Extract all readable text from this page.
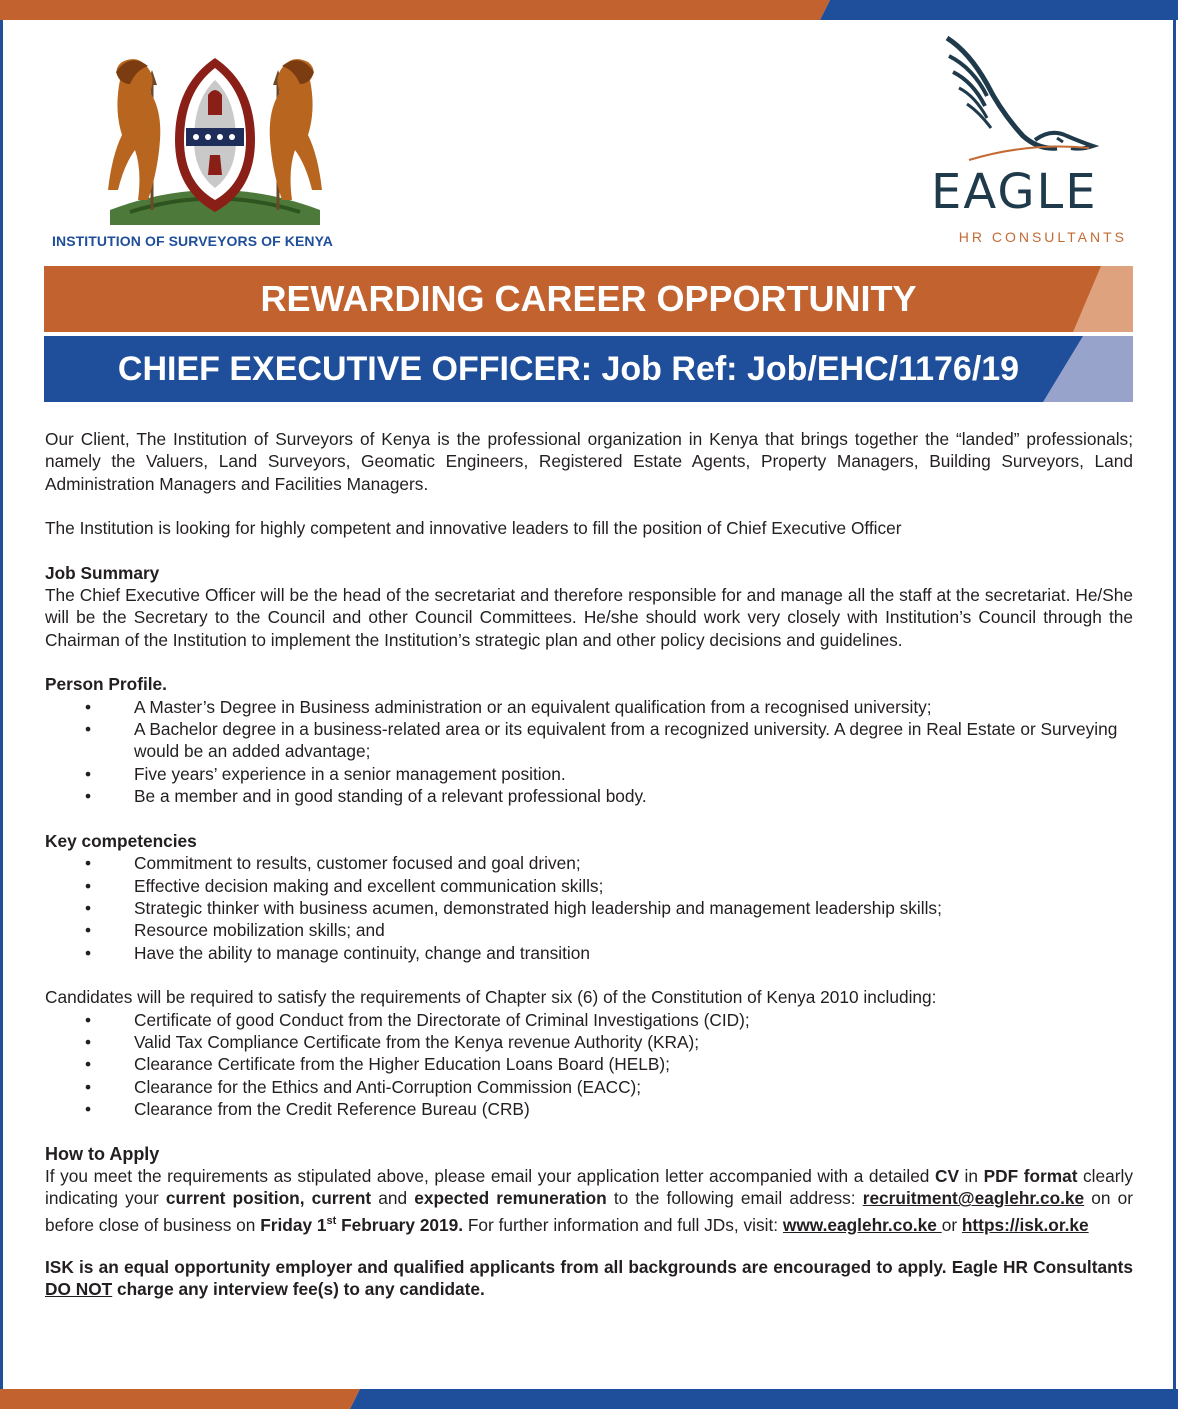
INSTITUTION OF SURVEYORS OF KENYA
EAGLE
HR CONSULTANTS
REWARDING CAREER OPPORTUNITY
CHIEF EXECUTIVE OFFICER: Job Ref: Job/EHC/1176/19

Our Client, The Institution of Surveyors of Kenya is the professional organization in Kenya that brings together the “landed” professionals; namely the Valuers, Land Surveyors, Geomatic Engineers, Registered Estate Agents, Property Managers, Building Surveyors, Land Administration Managers and Facilities Managers.

The Institution is looking for highly competent and innovative leaders to fill the position of Chief Executive Officer

Job Summary

The Chief Executive Officer will be the head of the secretariat and therefore responsible for and manage all the staff at the secretariat. He/She will be the Secretary to the Council and other Council Committees. He/she should work very closely with Institution’s Council through the Chairman of the Institution to implement the Institution’s strategic plan and other policy decisions and guidelines.

Person Profile.
• A Master’s Degree in Business administration or an equivalent qualification from a recognised university;
• A Bachelor degree in a business-related area or its equivalent from a recognized university. A degree in Real Estate or Surveying would be an added advantage;
• Five years’ experience in a senior management position.
• Be a member and in good standing of a relevant professional body.
Key competencies
• Commitment to results, customer focused and goal driven;
• Effective decision making and excellent communication skills;
• Strategic thinker with business acumen, demonstrated high leadership and management leadership skills;
• Resource mobilization skills; and
• Have the ability to manage continuity, change and transition
Candidates will be required to satisfy the requirements of Chapter six (6) of the Constitution of Kenya 2010 including:
• Certificate of good Conduct from the Directorate of Criminal Investigations (CID);
• Valid Tax Compliance Certificate from the Kenya revenue Authority (KRA);
• Clearance Certificate from the Higher Education Loans Board (HELB);
• Clearance for the Ethics and Anti-Corruption Commission (EACC);
• Clearance from the Credit Reference Bureau (CRB)
How to Apply

If you meet the requirements as stipulated above, please email your application letter accompanied with a detailed CV in PDF format clearly indicating your current position, current and expected remuneration to the following email address: recruitment@eaglehr.co.ke on or before close of business on Friday 1st February 2019. For further information and full JDs, visit: www.eaglehr.co.ke or https://isk.or.ke

ISK is an equal opportunity employer and qualified applicants from all backgrounds are encouraged to apply. Eagle HR Consultants DO NOT charge any interview fee(s) to any candidate.
